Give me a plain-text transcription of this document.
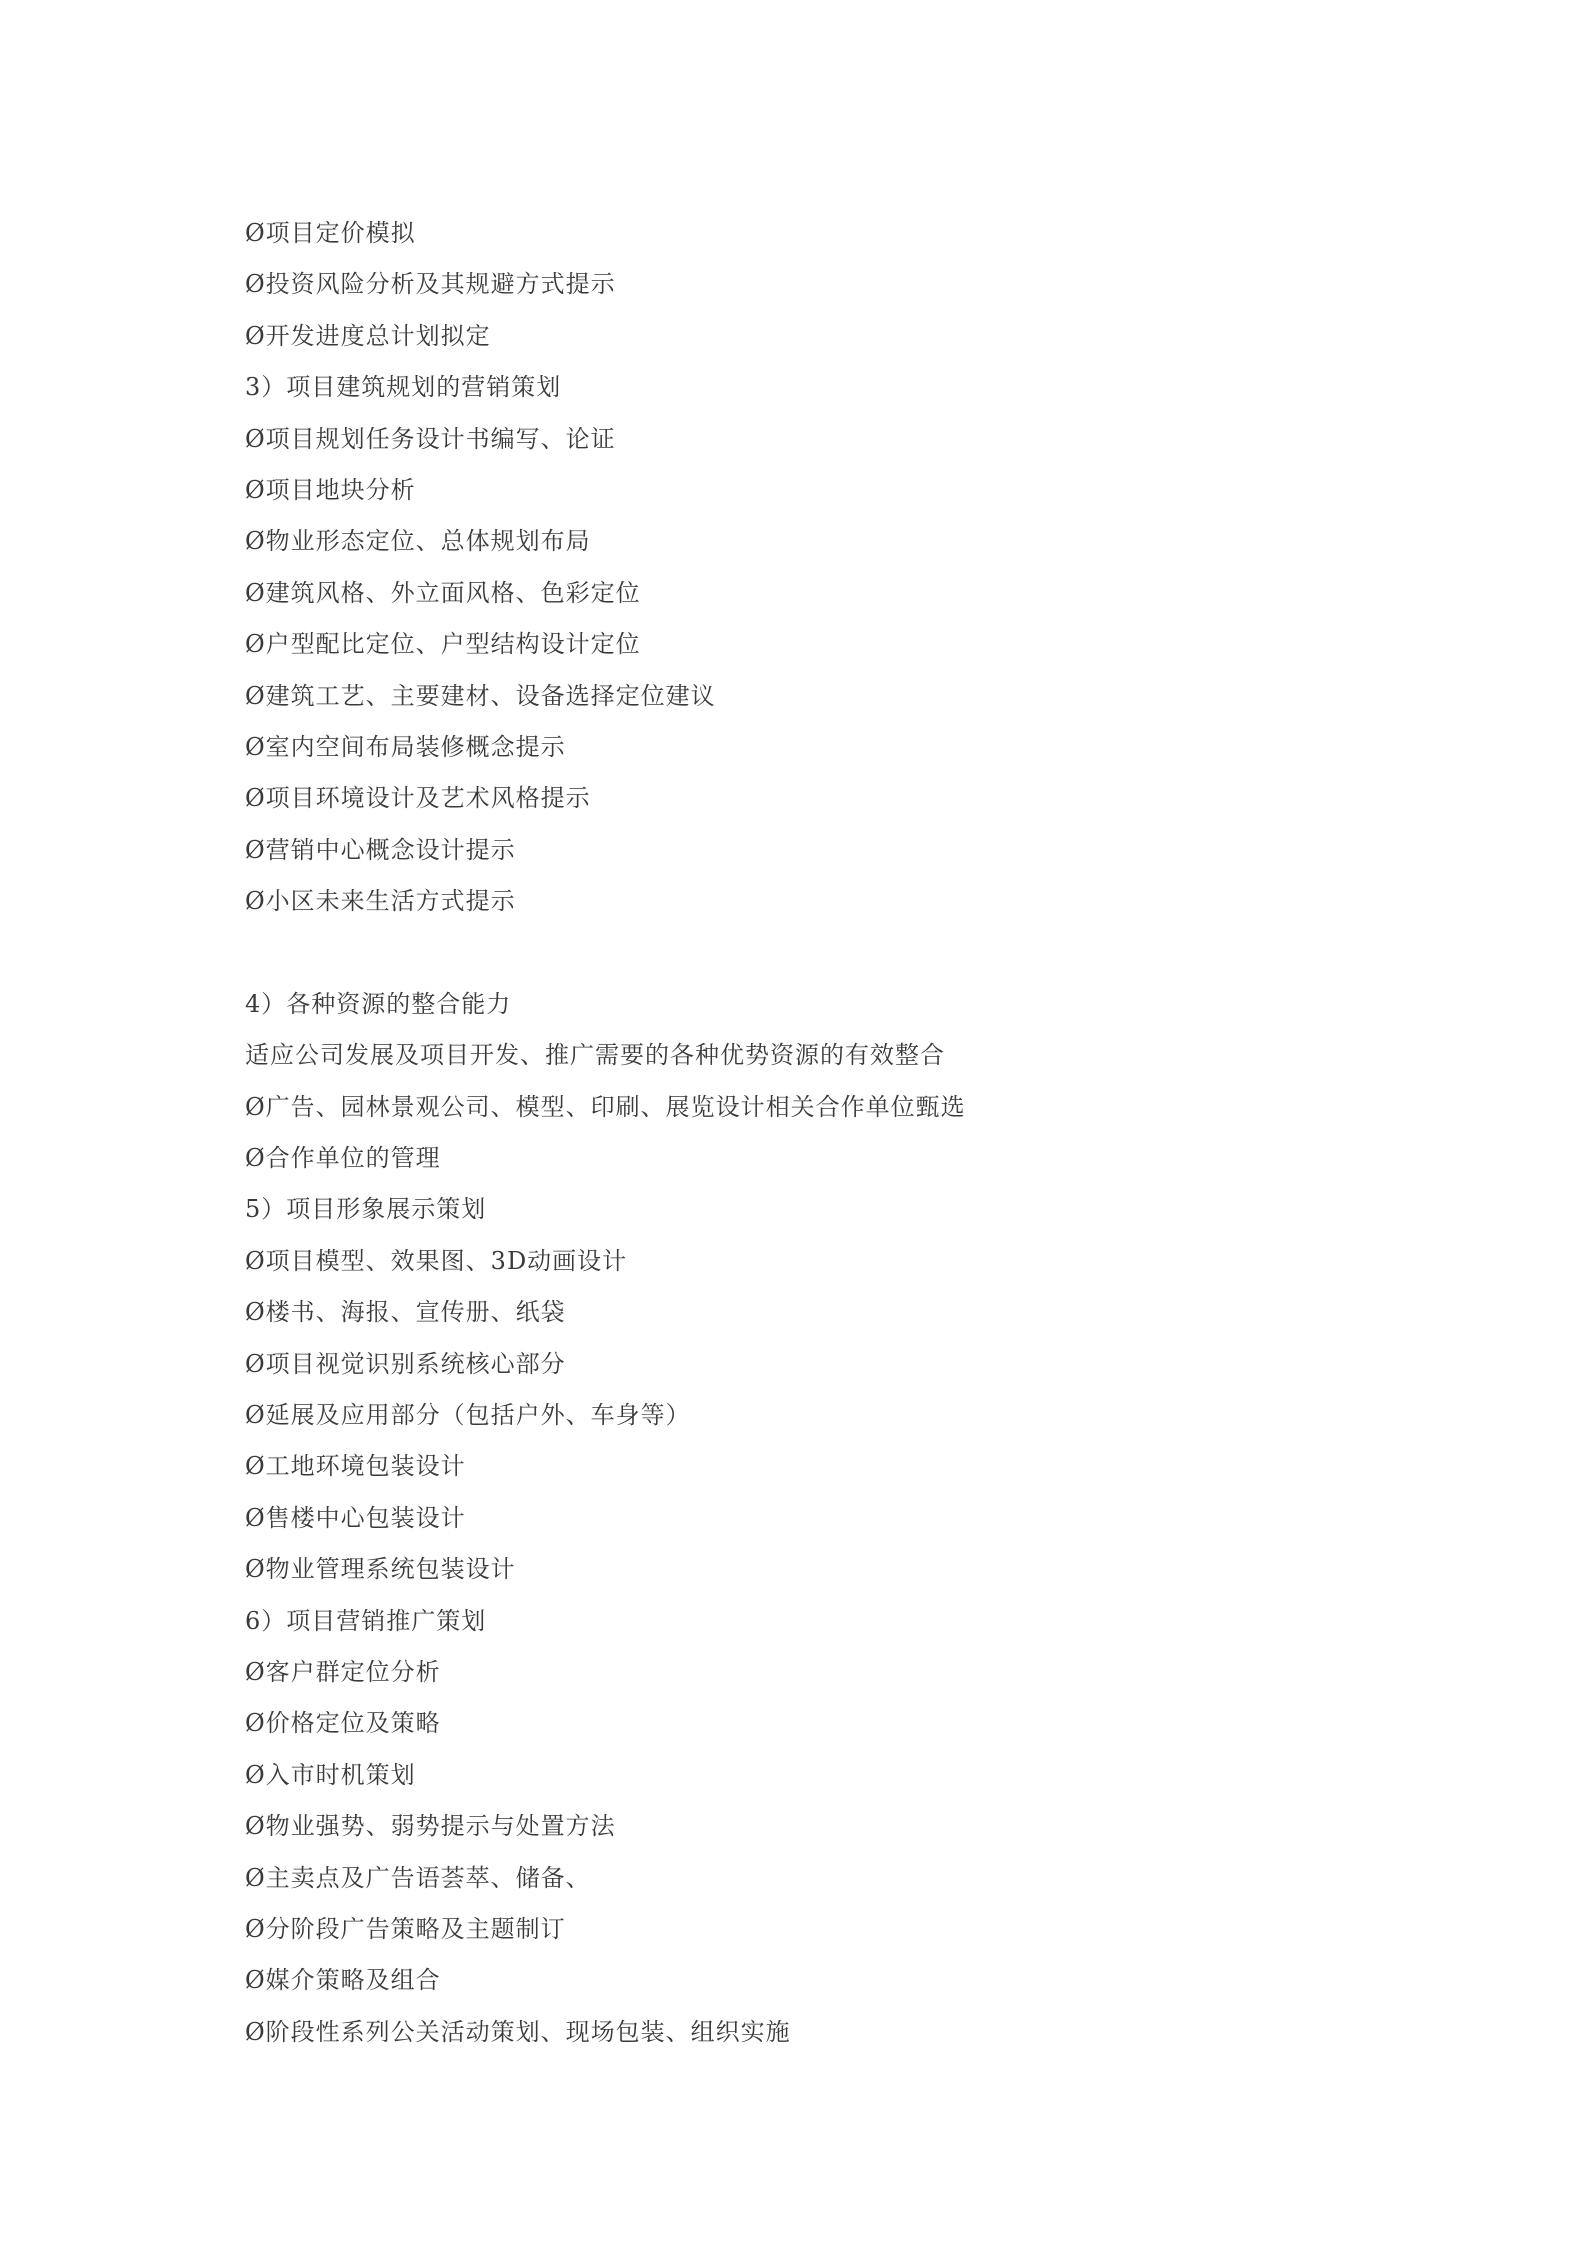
Ø项目定价模拟
Ø投资风险分析及其规避方式提示
Ø开发进度总计划拟定
3）项目建筑规划的营销策划
Ø项目规划任务设计书编写、论证
Ø项目地块分析
Ø物业形态定位、总体规划布局
Ø建筑风格、外立面风格、色彩定位
Ø户型配比定位、户型结构设计定位
Ø建筑工艺、主要建材、设备选择定位建议
Ø室内空间布局装修概念提示
Ø项目环境设计及艺术风格提示
Ø营销中心概念设计提示
Ø小区未来生活方式提示
4）各种资源的整合能力
适应公司发展及项目开发、推广需要的各种优势资源的有效整合
Ø广告、园林景观公司、模型、印刷、展览设计相关合作单位甄选
Ø合作单位的管理
5）项目形象展示策划
Ø项目模型、效果图、3D动画设计
Ø楼书、海报、宣传册、纸袋
Ø项目视觉识别系统核心部分
Ø延展及应用部分（包括户外、车身等）
Ø工地环境包装设计
Ø售楼中心包装设计
Ø物业管理系统包装设计
6）项目营销推广策划
Ø客户群定位分析
Ø价格定位及策略
Ø入市时机策划
Ø物业强势、弱势提示与处置方法
Ø主卖点及广告语荟萃、储备、
Ø分阶段广告策略及主题制订
Ø媒介策略及组合
Ø阶段性系列公关活动策划、现场包装、组织实施
